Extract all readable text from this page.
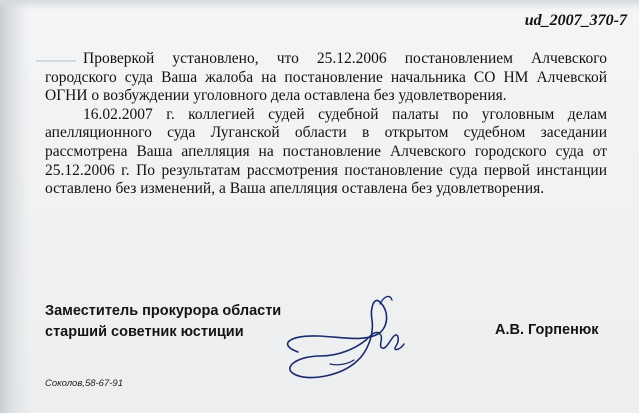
ud_2007_370-7

Проверкой установлено, что 25.12.2006 постановлением Алчевского городского суда Ваша жалоба на постановление начальника СО НМ Алчевской ОГНИ о возбуждении уголовного дела оставлена без удовлетворения.

16.02.2007 г. коллегией судей судебной палаты по уголовным делам апелляционного суда Луганской области в открытом судебном заседании рассмотрена Ваша апелляция на постановление Алчевского городского суда от 25.12.2006 г. По результатам рассмотрения постановление суда первой инстанции оставлено без изменений, а Ваша апелляция оставлена без удовлетворения.

Заместитель прокурора области
старший советник юстиции	А.В. Горпенюк
Соколов,58-67-91
